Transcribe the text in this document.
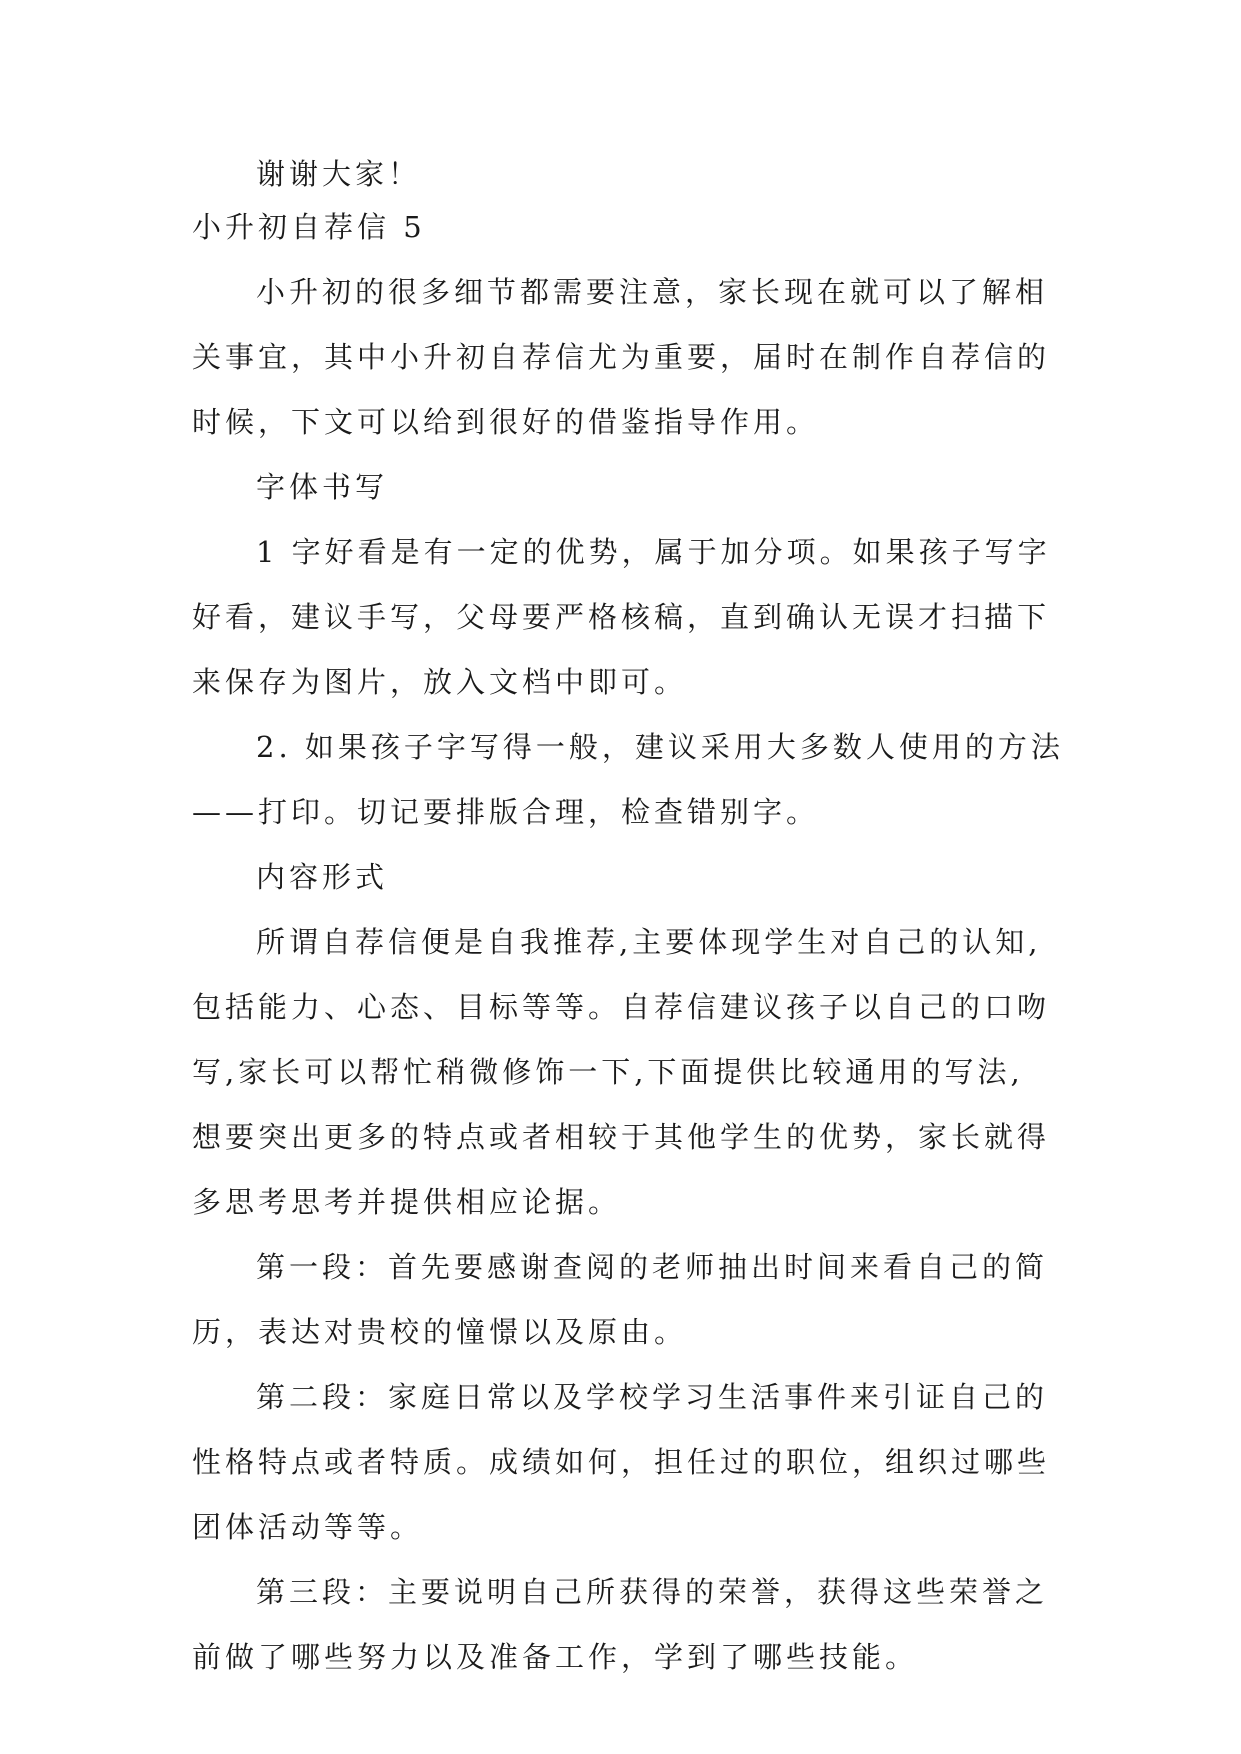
谢谢大家！

小升初自荐信 5

小升初的很多细节都需要注意，家长现在就可以了解相

关事宜，其中小升初自荐信尤为重要，届时在制作自荐信的

时候，下文可以给到很好的借鉴指导作用。

字体书写

1 字好看是有一定的优势，属于加分项。如果孩子写字

好看，建议手写，父母要严格核稿，直到确认无误才扫描下

来保存为图片，放入文档中即可。

2. 如果孩子字写得一般，建议采用大多数人使用的方法

——打印。切记要排版合理，检查错别字。

内容形式

所谓自荐信便是自我推荐,主要体现学生对自己的认知,

包括能力、心态、目标等等。自荐信建议孩子以自己的口吻

写,家长可以帮忙稍微修饰一下,下面提供比较通用的写法,

想要突出更多的特点或者相较于其他学生的优势，家长就得

多思考思考并提供相应论据。

第一段：首先要感谢查阅的老师抽出时间来看自己的简

历，表达对贵校的憧憬以及原由。

第二段：家庭日常以及学校学习生活事件来引证自己的

性格特点或者特质。成绩如何，担任过的职位，组织过哪些

团体活动等等。

第三段：主要说明自己所获得的荣誉，获得这些荣誉之

前做了哪些努力以及准备工作，学到了哪些技能。
